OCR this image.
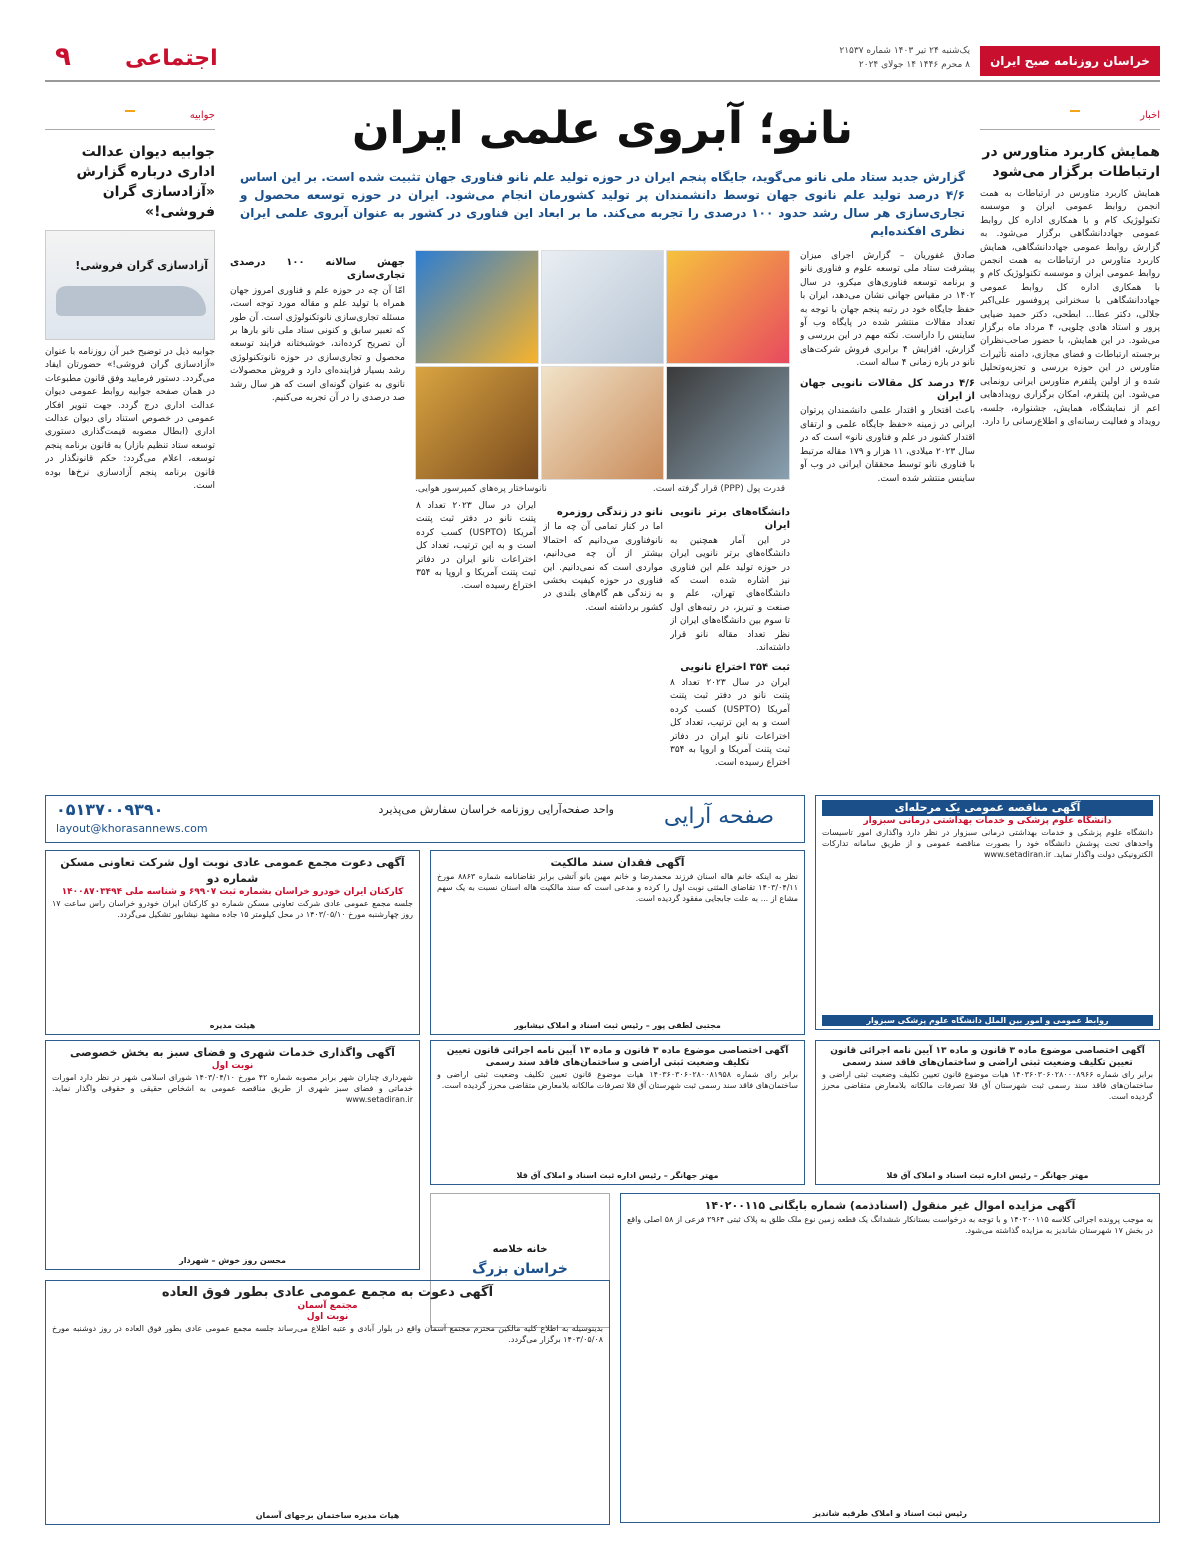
خراسان روزنامه صبح ایران
یک‌شنبه ۲۴ تیر ۱۴۰۳ شماره ۲۱۵۳۷
۸ محرم ۱۴۴۶ ۱۴ جولای ۲۰۲۴
اجتماعی
۹
اخبار
همایش کاربرد متاورس در ارتباطات برگزار می‌شود
همایش کاربرد متاورس در ارتباطات به همت انجمن روابط عمومی ایران و موسسه تکنولوژیک کام و با همکاری اداره کل روابط عمومی جهاددانشگاهی برگزار می‌شود. به گزارش روابط عمومی جهاددانشگاهی، همایش کاربرد متاورس در ارتباطات به همت انجمن روابط عمومی ایران و موسسه تکنولوژیک کام و با همکاری اداره کل روابط عمومی جهاددانشگاهی با سخنرانی پروفسور علی‌اکبر جلالی، دکتر عطا... ابطحی، دکتر حمید ضیایی پرور و استاد هادی چلویی، ۴ مرداد ماه برگزار می‌شود. در این همایش، با حضور صاحب‌نظران برجسته ارتباطات و فضای مجازی، دامنه تأثیرات متاورس در این حوزه بررسی و تجزیه‌وتحلیل شده و از اولین پلتفرم متاورس ایرانی رونمایی می‌شود. این پلتفرم، امکان برگزاری رویدادهایی اعم از نمایشگاه، همایش، جشنواره، جلسه، رویداد و فعالیت رسانه‌ای و اطلاع‌رسانی را دارد.
جوابیه
جوابیه دیوان عدالت اداری درباره گزارش «آزادسازی گران فروشی!»
آزادسازی گران فروشی!
جوابیه ذیل در توضیح خبر آن روزنامه با عنوان «آزادسازی گران فروشی!» حضورتان ایفاد می‌گردد. دستور فرمایید وفق قانون مطبوعات در همان صفحه جوابیه روابط عمومی دیوان عدالت اداری درج گردد. جهت تنویر افکار عمومی در خصوص استناد رای دیوان عدالت اداری (ابطال مصوبه قیمت‌گذاری دستوری توسعه ستاد تنظیم بازار) به قانون برنامه پنجم توسعه، اعلام می‌گردد: حکم قانونگذار در قانون برنامه پنجم آزادسازی نرخ‌ها بوده است.
نانو؛ آبروی علمی ایران
گزارش جدید ستاد ملی نانو می‌گوید، جایگاه پنجم ایران در حوزه تولید علم نانو فناوری جهان تثبیت شده است. بر این اساس ۴/۶ درصد تولید علم نانوی جهان توسط دانشمندان پر تولید کشورمان انجام می‌شود. ایران در حوزه توسعه محصول و تجاری‌سازی هر سال رشد حدود ۱۰۰ درصدی را تجربه می‌کند. ما بر ابعاد این فناوری در کشور به عنوان آبروی علمی ایران نظری افکنده‌ایم
صادق غفوریان – گزارش اجرای میزان پیشرفت ستاد ملی توسعه علوم و فناوری نانو و برنامه توسعه فناوری‌های میکرو، در سال ۱۴۰۲ در مقیاس جهانی نشان می‌دهد، ایران با حفظ جایگاه خود در رتبه پنجم جهان با توجه به تعداد مقالات منتشر شده در پایگاه وب آو ساینس را داراست. نکته مهم در این بررسی و گزارش، افزایش ۴ برابری فروش شرکت‌های نانو در بازه زمانی ۴ ساله است.
۴/۶ درصد کل مقالات نانویی جهان از ایران
باعث افتخار و اقتدار علمی دانشمندان پرتوان ایرانی در زمینه «حفظ جایگاه علمی و ارتقای اقتدار کشور در علم و فناوری نانو» است که در سال ۲۰۲۳ میلادی، ۱۱ هزار و ۱۷۹ مقاله مرتبط با فناوری نانو توسط محققان ایرانی در وب آو ساینس منتشر شده است.
قدرت پول (PPP) قرار گرفته است.
نانوساختار پره‌های کمپرسور هوایی.
دانشگاه‌های برتر نانویی ایران
در این آمار همچنین به دانشگاه‌های برتر نانویی ایران در حوزه تولید علم این فناوری نیز اشاره شده است که دانشگاه‌های تهران، علم و صنعت و تبریز، در رتبه‌های اول تا سوم بین دانشگاه‌های ایران از نظر تعداد مقاله نانو قرار داشته‌اند.
ثبت ۳۵۴ اختراع نانویی
ایران در سال ۲۰۲۳ تعداد ۸ پتنت نانو در دفتر ثبت پتنت آمریکا (USPTO) کسب کرده است و به این ترتیب، تعداد کل اختراعات نانو ایران در دفاتر ثبت پتنت آمریکا و اروپا به ۳۵۴ اختراع رسیده است.
نانو در زندگی روزمره
اما در کنار تمامی آن چه ما از نانوفناوری می‌دانیم که احتمالا بیشتر از آن چه می‌دانیم، مواردی است که نمی‌دانیم. این فناوری در حوزه کیفیت بخشی به زندگی هم گام‌های بلندی در کشور برداشته است.
ایران در سال ۲۰۲۳ تعداد ۸ پتنت نانو در دفتر ثبت پتنت آمریکا (USPTO) کسب کرده است و به این ترتیب، تعداد کل اختراعات نانو ایران در دفاتر ثبت پتنت آمریکا و اروپا به ۳۵۴ اختراع رسیده است.
جهش سالانه ۱۰۰ درصدی تجاری‌سازی
امّا آن چه در حوزه علم و فناوری امروز جهان همراه با تولید علم و مقاله مورد توجه است، مسئله تجاری‌سازی نانوتکنولوژی است. آن طور که تعبیر سابق و کنونی ستاد ملی نانو بارها بر آن تصریح کرده‌اند، خوشبختانه فرایند توسعه محصول و تجاری‌سازی در حوزه نانوتکنولوژی رشد بسیار فزاینده‌ای دارد و فروش محصولات نانوی به عنوان گونه‌ای است که هر سال رشد صد درصدی را در آن تجربه می‌کنیم.
۰۵۱۳۷۰۰۹۳۹۰
layout@khorasannews.com
واحد صفحه‌آرایی روزنامه خراسان سفارش می‌پذیرد صفحه آرایی	آگهی مناقصه عمومی یک مرحله‌ای
دانشگاه علوم پزشکی و خدمات بهداشتی درمانی سبزوار
دانشگاه علوم پزشکی و خدمات بهداشتی درمانی سبزوار در نظر دارد واگذاری امور تاسیسات واحدهای تحت پوشش دانشگاه خود را بصورت مناقصه عمومی و از طریق سامانه تدارکات الکترونیکی دولت واگذار نماید. www.setadiran.ir
روابط عمومی و امور بین الملل دانشگاه علوم پزشکی سبزوار
آگهی فقدان سند مالکیت
نظر به اینکه خانم هاله اسنان فرزند محمدرضا و خانم مهین بانو آتشی برابر تقاضانامه شماره ۸۸۶۳ مورخ ۱۴۰۳/۰۴/۱۱ تقاضای المثنی نوبت اول را کرده و مدعی است که سند مالکیت هاله اسنان نسبت به یک سهم مشاع از ... به علت جابجایی مفقود گردیده است.
مجتبی لطفی پور – رئیس ثبت اسناد و املاک نیشابور
آگهی دعوت مجمع عمومی عادی نوبت اول شرکت تعاونی مسکن شماره دو
کارکنان ایران خودرو خراسان بشماره ثبت ۶۹۹۰۷ و شناسه ملی ۱۴۰۰۸۷۰۳۴۹۴
جلسه مجمع عمومی عادی شرکت تعاونی مسکن شماره دو کارکنان ایران خودرو خراسان راس ساعت ۱۷ روز چهارشنبه مورخ ۱۴۰۳/۰۵/۱۰ در محل کیلومتر ۱۵ جاده مشهد نیشابور تشکیل می‌گردد.
هیئت مدیره
آگهی واگذاری خدمات شهری و فضای سبز به بخش خصوصی
نوبت اول
شهرداری چناران شهر برابر مصوبه شماره ۴۲ مورخ ۱۴۰۳/۰۴/۱۰ شورای اسلامی شهر در نظر دارد امورات خدماتی و فضای سبز شهری از طریق مناقصه عمومی به اشخاص حقیقی و حقوقی واگذار نماید. www.setadiran.ir
محسن روز خوش – شهردار
آگهی اختصاصی موضوع ماده ۳ قانون و ماده ۱۳ آیین نامه اجرائی قانون تعیین تکلیف وضعیت ثبتی اراضی و ساختمان‌های فاقد سند رسمی
برابر رای شماره ۱۴۰۳۶۰۳۰۶۰۲۸۰۰۸۱۹۵۸ هیات موضوع قانون تعیین تکلیف وضعیت ثبتی اراضی و ساختمان‌های فاقد سند رسمی ثبت شهرستان آق قلا تصرفات مالکانه بلامعارض متقاضی محرز گردیده است.
مهتر جهانگر – رئیس اداره ثبت اسناد و املاک آق قلا
آگهی اختصاصی موضوع ماده ۳ قانون و ماده ۱۳ آیین نامه اجرائی قانون تعیین تکلیف وضعیت ثبتی اراضی و ساختمان‌های فاقد سند رسمی
برابر رای شماره ۱۴۰۳۶۰۳۰۶۰۲۸۰۰۰۸۹۶۶ هیات موضوع قانون تعیین تکلیف وضعیت ثبتی اراضی و ساختمان‌های فاقد سند رسمی ثبت شهرستان آق قلا تصرفات مالکانه بلامعارض متقاضی محرز گردیده است.
مهتر جهانگر – رئیس اداره ثبت اسناد و املاک آق قلا
خانه خلاصه
خراسان بزرگ
آگهی مزایده اموال غیر منقول (اسنادذمه) شماره بایگانی ۱۴۰۲۰۰۱۱۵
به موجب پرونده اجرائی کلاسه ۱۴۰۲۰۰۱۱۵ و با توجه به درخواست بستانکار ششدانگ یک قطعه زمین نوع ملک طلق به پلاک ثبتی ۲۹۶۴ فرعی از ۵۸ اصلی واقع در بخش ۱۷ شهرستان شاندیز به مزایده گذاشته می‌شود.
رئیس ثبت اسناد و املاک طرقبه شاندیز
آگهی دعوت به مجمع عمومی عادی بطور فوق العاده
مجتمع آسمان
نوبت اول
بدینوسیله به اطلاع کلیه مالکین محترم مجتمع آسمان واقع در بلوار آبادی و عتبه اطلاع می‌رساند جلسه مجمع عمومی عادی بطور فوق العاده در روز دوشنبه مورخ ۱۴۰۳/۰۵/۰۸ برگزار می‌گردد.
هیات مدیره ساختمان برجهای آسمان
